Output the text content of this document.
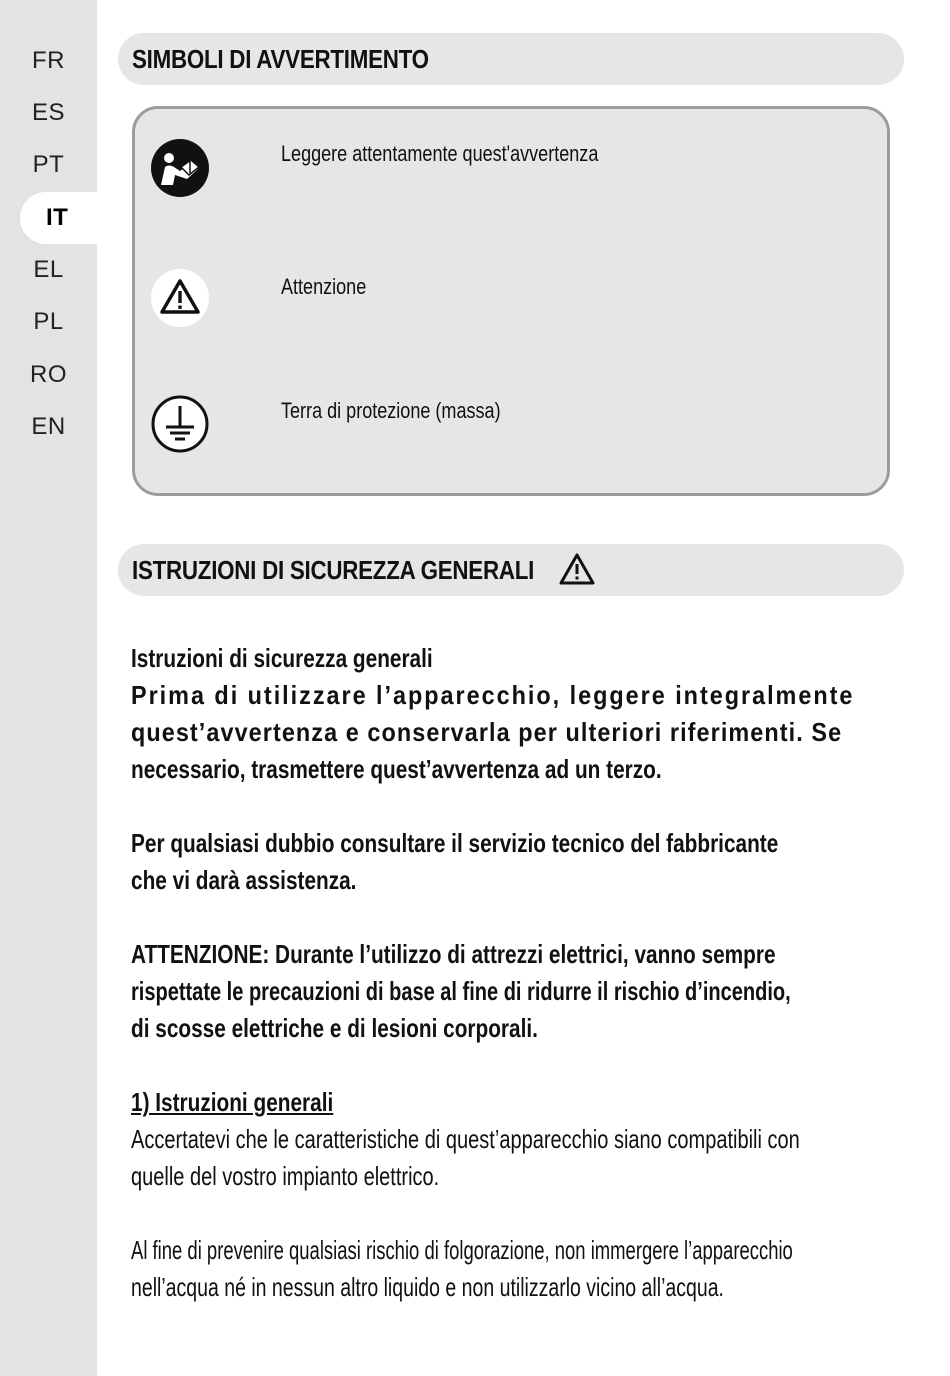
FR
ES
PT
IT
EL
PL
RO
EN
SIMBOLI DI AVVERTIMENTO
Leggere attentamente quest'avvertenza
Attenzione
Terra di protezione (massa)
ISTRUZIONI DI SICUREZZA GENERALI
Istruzioni di sicurezza generali
Prima di utilizzare l’apparecchio, leggere integralmente
quest’avvertenza e conservarla per ulteriori riferimenti. Se
necessario, trasmettere quest’avvertenza ad un terzo.
Per qualsiasi dubbio consultare il servizio tecnico del fabbricante
che vi darà assistenza.
ATTENZIONE: Durante l’utilizzo di attrezzi elettrici, vanno sempre
rispettate le precauzioni di base al fine di ridurre il rischio d’incendio,
di scosse elettriche e di lesioni corporali.
1) Istruzioni generali
Accertatevi che le caratteristiche di quest’apparecchio siano compatibili con
quelle del vostro impianto elettrico.
Al fine di prevenire qualsiasi rischio di folgorazione, non immergere l’apparecchio
nell’acqua né in nessun altro liquido e non utilizzarlo vicino all’acqua.
